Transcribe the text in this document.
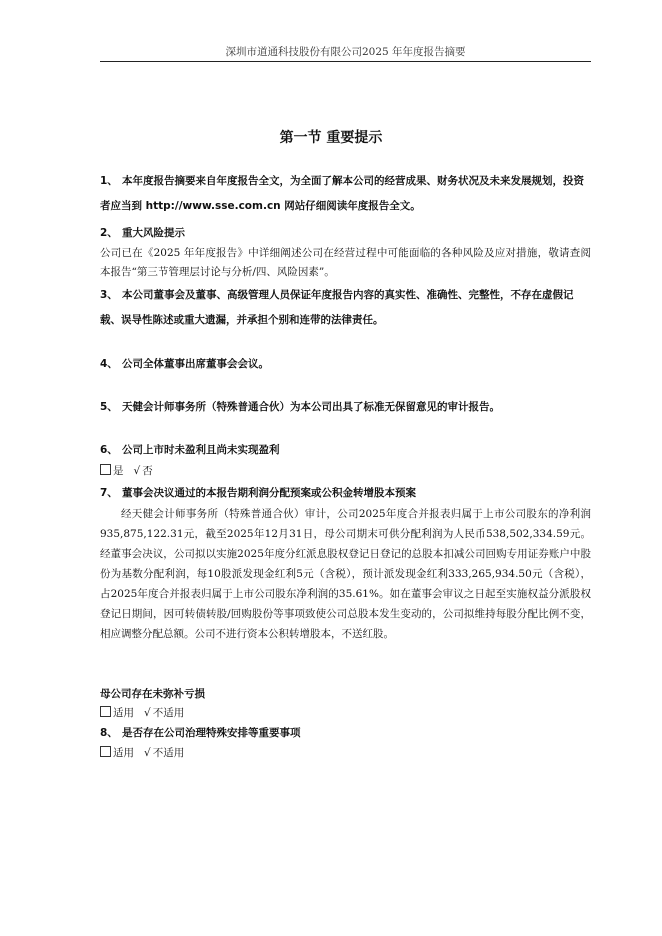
深圳市道通科技股份有限公司2025 年年度报告摘要
第一节 重要提示
1、 本年度报告摘要来自年度报告全文，为全面了解本公司的经营成果、财务状况及未来发展规划，投资者应当到 http://www.sse.com.cn 网站仔细阅读年度报告全文。
2、 重大风险提示
公司已在《2025 年年度报告》中详细阐述公司在经营过程中可能面临的各种风险及应对措施，敬请查阅本报告“第三节管理层讨论与分析/四、风险因素”。
3、 本公司董事会及董事、高级管理人员保证年度报告内容的真实性、准确性、完整性，不存在虚假记载、误导性陈述或重大遗漏，并承担个别和连带的法律责任。
4、 公司全体董事出席董事会会议。
5、 天健会计师事务所（特殊普通合伙）为本公司出具了标准无保留意见的审计报告。
6、 公司上市时未盈利且尚未实现盈利
是 √ 否
7、 董事会决议通过的本报告期利润分配预案或公积金转增股本预案
经天健会计师事务所（特殊普通合伙）审计，公司2025年度合并报表归属于上市公司股东的净利润935,875,122.31元，截至2025年12月31日，母公司期末可供分配利润为人民币538,502,334.59元。经董事会决议，公司拟以实施2025年度分红派息股权登记日登记的总股本扣减公司回购专用证券账户中股份为基数分配利润，每10股派发现金红利5元（含税），预计派发现金红利333,265,934.50元（含税），占2025年度合并报表归属于上市公司股东净利润的35.61%。如在董事会审议之日起至实施权益分派股权登记日期间，因可转债转股/回购股份等事项致使公司总股本发生变动的，公司拟维持每股分配比例不变，相应调整分配总额。公司不进行资本公积转增股本，不送红股。
母公司存在未弥补亏损
适用 √ 不适用
8、 是否存在公司治理特殊安排等重要事项
适用 √ 不适用
